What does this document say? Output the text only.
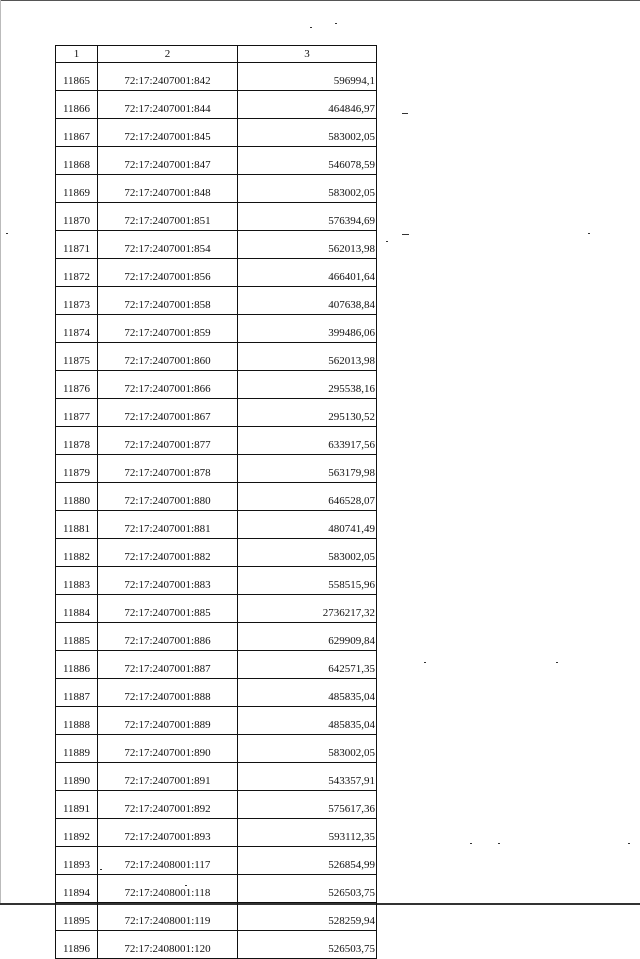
1	2	3
11865	72:17:2407001:842	596994,1
11866	72:17:2407001:844	464846,97
11867	72:17:2407001:845	583002,05
11868	72:17:2407001:847	546078,59
11869	72:17:2407001:848	583002,05
11870	72:17:2407001:851	576394,69
11871	72:17:2407001:854	562013,98
11872	72:17:2407001:856	466401,64
11873	72:17:2407001:858	407638,84
11874	72:17:2407001:859	399486,06
11875	72:17:2407001:860	562013,98
11876	72:17:2407001:866	295538,16
11877	72:17:2407001:867	295130,52
11878	72:17:2407001:877	633917,56
11879	72:17:2407001:878	563179,98
11880	72:17:2407001:880	646528,07
11881	72:17:2407001:881	480741,49
11882	72:17:2407001:882	583002,05
11883	72:17:2407001:883	558515,96
11884	72:17:2407001:885	2736217,32
11885	72:17:2407001:886	629909,84
11886	72:17:2407001:887	642571,35
11887	72:17:2407001:888	485835,04
11888	72:17:2407001:889	485835,04
11889	72:17:2407001:890	583002,05
11890	72:17:2407001:891	543357,91
11891	72:17:2407001:892	575617,36
11892	72:17:2407001:893	593112,35
11893	72:17:2408001:117	526854,99
11894	72:17:2408001:118	526503,75
11895	72:17:2408001:119	528259,94
11896	72:17:2408001:120	526503,75
